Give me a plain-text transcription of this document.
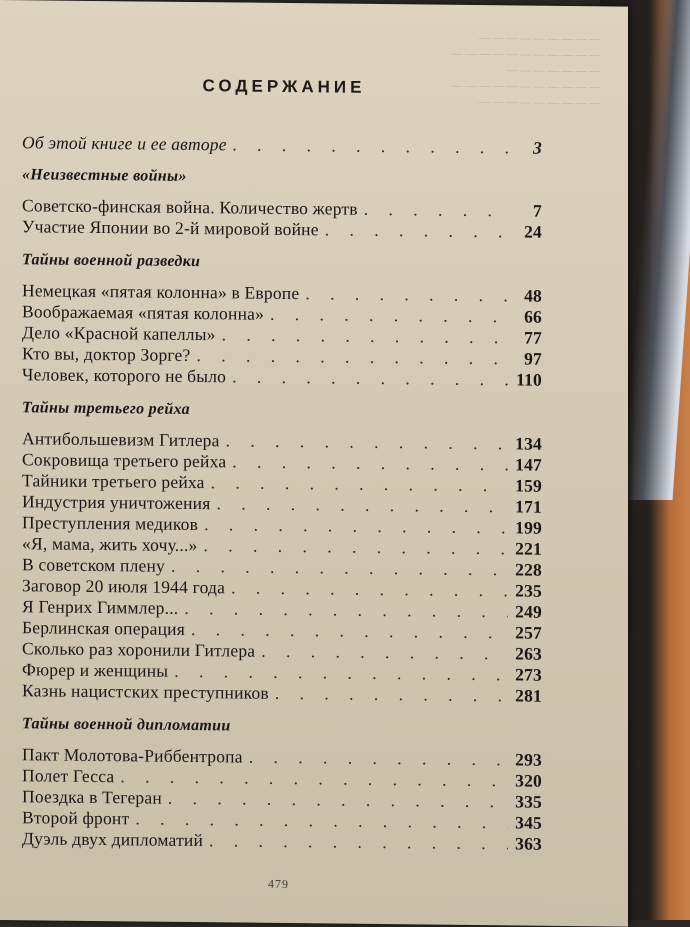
— — — — — — — — —
— — — — — — — — — — —
— — — — — — —
— — — — — — — — — — —
— — — — — — — — —
СОДЕРЖАНИЕ
Об этой книге и ее авторе . . .	3
«Неизвестные войны»
Советско-финская война. Количество жертв . . .	7
Участие Японии во 2-й мировой войне . . .	24
Тайны военной разведки
Немецкая «пятая колонна» в Европе . . .	48
Воображаемая «пятая колонна» . . .	66
Дело «Красной капеллы» . . .	77
Кто вы, доктор Зорге? . . .	97
Человек, которого не было . . .	110
Тайны третьего рейха
Антибольшевизм Гитлера . . .	134
Сокровища третьего рейха . . .	147
Тайники третьего рейха . . .	159
Индустрия уничтожения . . .	171
Преступления медиков . . .	199
«Я, мама, жить хочу...» . . .	221
В советском плену . . .	228
Заговор 20 июля 1944 года . . .	235
Я Генрих Гиммлер... . . .	249
Берлинская операция . . .	257
Сколько раз хоронили Гитлера . . .	263
Фюрер и женщины . . .	273
Казнь нацистских преступников . . .	281
Тайны военной дипломатии
Пакт Молотова-Риббентропа . . .	293
Полет Гесса . . .	320
Поездка в Тегеран . . .	335
Второй фронт . . .	345
Дуэль двух дипломатий . . .	363
479
